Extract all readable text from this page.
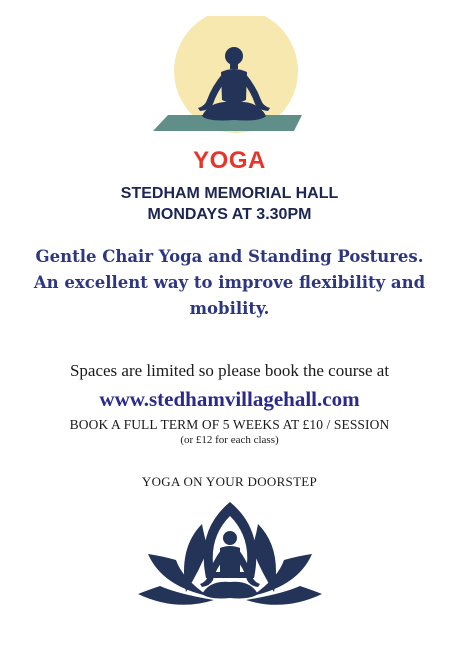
YOGA
STEDHAM MEMORIAL HALL
MONDAYS AT 3.30PM
Gentle Chair Yoga and Standing Postures.
An excellent way to improve flexibility and
mobility.
Spaces are limited so please book the course at
www.stedhamvillagehall.com
BOOK A FULL TERM OF 5 WEEKS AT £10 / SESSION
(or £12 for each class)
YOGA ON YOUR DOORSTEP
